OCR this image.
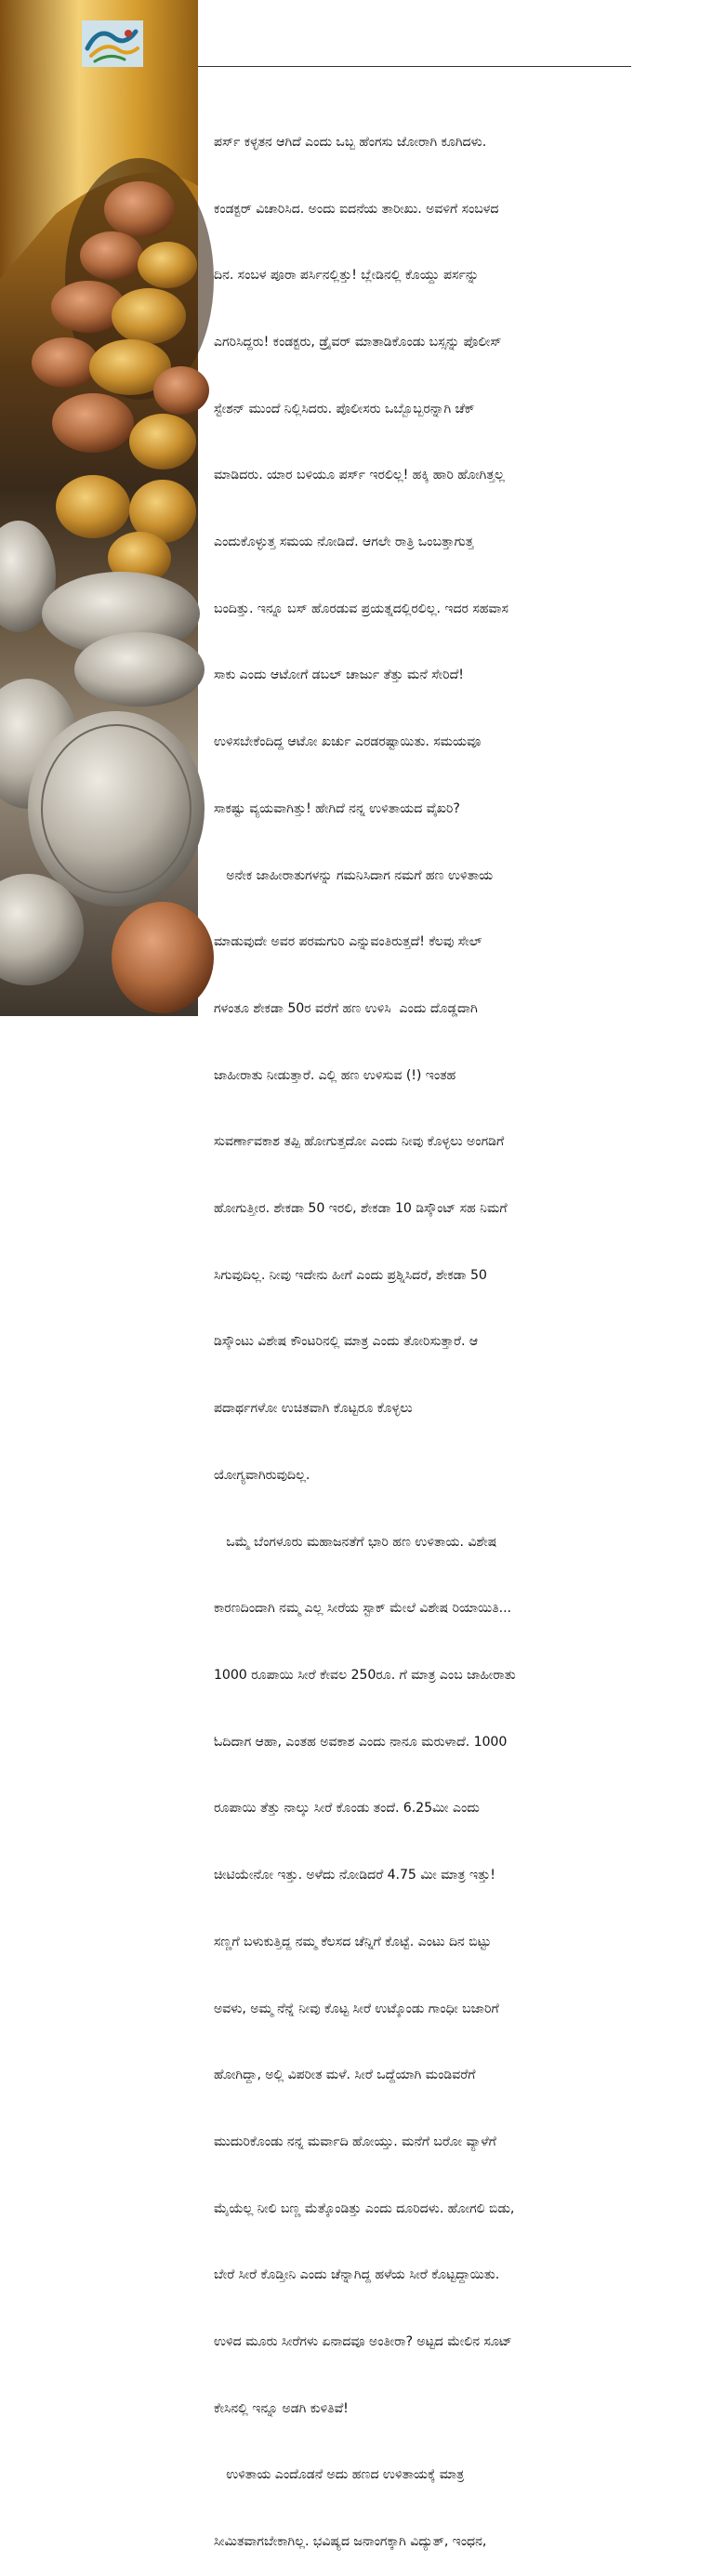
ಪರ್ಸ್ ಕಳ್ಳತನ ಆಗಿದೆ ಎಂದು ಒಬ್ಬ ಹೆಂಗಸು ಜೋರಾಗಿ ಕೂಗಿದಳು.

ಕಂಡಕ್ಟರ್ ವಿಚಾರಿಸಿದ. ಅಂದು ಐದನೆಯ ತಾರೀಖು. ಅವಳಿಗೆ ಸಂಬಳದ

ದಿನ. ಸಂಬಳ ಪೂರಾ ಪರ್ಸಿನಲ್ಲಿತ್ತು! ಬ್ಲೇಡಿನಲ್ಲಿ ಕೊಯ್ದು ಪರ್ಸನ್ನು

ಎಗರಿಸಿದ್ದರು! ಕಂಡಕ್ಟರು, ಡ್ರೈವರ್ ಮಾತಾಡಿಕೊಂಡು ಬಸ್ಸನ್ನು ಪೊಲೀಸ್

ಸ್ಟೇಶನ್ ಮುಂದೆ ನಿಲ್ಲಿಸಿದರು. ಪೊಲೀಸರು ಒಬ್ಬೊಬ್ಬರನ್ನಾಗಿ ಚೆಕ್

ಮಾಡಿದರು. ಯಾರ ಬಳಿಯೂ ಪರ್ಸ್ ಇರಲಿಲ್ಲ! ಹಕ್ಕಿ ಹಾರಿ ಹೋಗಿತ್ತಲ್ಲ

ಎಂದುಕೊಳ್ಳುತ್ತ ಸಮಯ ನೋಡಿದೆ. ಆಗಲೇ ರಾತ್ರಿ ಒಂಬತ್ತಾಗುತ್ತ

ಬಂದಿತ್ತು. ಇನ್ನೂ ಬಸ್ ಹೊರಡುವ ಪ್ರಯತ್ನದಲ್ಲಿರಲಿಲ್ಲ. ಇದರ ಸಹವಾಸ

ಸಾಕು ಎಂದು ಆಟೋಗೆ ಡಬಲ್ ಚಾರ್ಜು ತೆತ್ತು ಮನೆ ಸೇರಿದೆ!

ಉಳಿಸಬೇಕೆಂದಿದ್ದ ಆಟೋ ಖರ್ಚು ಎರಡರಷ್ಟಾಯಿತು. ಸಮಯವೂ

ಸಾಕಷ್ಟು ವ್ಯಯವಾಗಿತ್ತು! ಹೇಗಿದೆ ನನ್ನ ಉಳಿತಾಯದ ವೈಖರಿ?

ಅನೇಕ ಜಾಹೀರಾತುಗಳನ್ನು ಗಮನಿಸಿದಾಗ ನಮಗೆ ಹಣ ಉಳಿತಾಯ

ಮಾಡುವುದೇ ಅವರ ಪರಮಗುರಿ ಎನ್ನುವಂತಿರುತ್ತದೆ! ಕೆಲವು ಸೇಲ್

ಗಳಂತೂ ಶೇಕಡಾ 50ರ ವರೆಗೆ ಹಣ ಉಳಿಸಿ  ಎಂದು ದೊಡ್ಡದಾಗಿ

ಜಾಹೀರಾತು ನೀಡುತ್ತಾರೆ. ಎಲ್ಲಿ ಹಣ ಉಳಿಸುವ (!) ಇಂತಹ

ಸುವರ್ಣಾವಕಾಶ ತಪ್ಪಿ ಹೋಗುತ್ತದೋ ಎಂದು ನೀವು ಕೊಳ್ಳಲು ಅಂಗಡಿಗೆ

ಹೋಗುತ್ತೀರ. ಶೇಕಡಾ 50 ಇರಲಿ, ಶೇಕಡಾ 10 ಡಿಸ್ಕೌಂಟ್ ಸಹ ನಿಮಗೆ

ಸಿಗುವುದಿಲ್ಲ. ನೀವು ಇದೇನು ಹೀಗೆ ಎಂದು ಪ್ರಶ್ನಿಸಿದರೆ, ಶೇಕಡಾ 50

ಡಿಸ್ಕೌಂಟು ವಿಶೇಷ ಕೌಂಟರಿನಲ್ಲಿ ಮಾತ್ರ ಎಂದು ತೋರಿಸುತ್ತಾರೆ. ಆ

ಪದಾರ್ಥಗಳೋ ಉಚಿತವಾಗಿ ಕೊಟ್ಟರೂ ಕೊಳ್ಳಲು

ಯೋಗ್ಯವಾಗಿರುವುದಿಲ್ಲ.

ಒಮ್ಮೆ ಬೆಂಗಳೂರು ಮಹಾಜನತೆಗೆ ಭಾರಿ ಹಣ ಉಳಿತಾಯ. ವಿಶೇಷ

ಕಾರಣದಿಂದಾಗಿ ನಮ್ಮ ಎಲ್ಲ ಸೀರೆಯ ಸ್ಟಾಕ್ ಮೇಲೆ ವಿಶೇಷ ರಿಯಾಯಿತಿ...

1000 ರೂಪಾಯಿ ಸೀರೆ ಕೇವಲ 250ರೂ. ಗೆ ಮಾತ್ರ ಎಂಬ ಜಾಹೀರಾತು

ಓದಿದಾಗ ಆಹಾ, ಎಂತಹ ಅವಕಾಶ ಎಂದು ನಾನೂ ಮರುಳಾದೆ. 1000

ರೂಪಾಯಿ ತೆತ್ತು ನಾಲ್ಕು ಸೀರೆ ಕೊಂಡು ತಂದೆ. 6.25ಮೀ ಎಂದು

ಚೀಟಿಯೇನೋ ಇತ್ತು. ಅಳೆದು ನೋಡಿದರೆ 4.75 ಮೀ ಮಾತ್ರ ಇತ್ತು!

ಸಣ್ಣಗೆ ಬಳುಕುತ್ತಿದ್ದ ನಮ್ಮ ಕೆಲಸದ ಚೆನ್ನಿಗೆ ಕೊಟ್ಟೆ. ಎಂಟು ದಿನ ಬಿಟ್ಟು

ಅವಳು, ಅಮ್ಮ ನೆನ್ನೆ ನೀವು ಕೊಟ್ಟ ಸೀರೆ ಉಟ್ಕೊಂಡು ಗಾಂಧೀ ಬಜಾರಿಗೆ

ಹೋಗಿದ್ದಾ, ಅಲ್ಲಿ ವಿಪರೀತ ಮಳೆ. ಸೀರೆ ಒದ್ದೆಯಾಗಿ ಮಂಡಿವರೆಗೆ

ಮುದುರಿಕೊಂಡು ನನ್ನ ಮರ್ವಾದಿ ಹೋಯ್ತು. ಮನೆಗೆ ಬರೋ ವ್ಯಾಳೆಗೆ

ಮೈಯೆಲ್ಲ ನೀಲಿ ಬಣ್ಣ ಮೆತ್ಕೊಂಡಿತ್ತು ಎಂದು ದೂರಿದಳು. ಹೋಗಲಿ ಬಿಡು,

ಬೇರೆ ಸೀರೆ ಕೊಡ್ತೀನಿ ಎಂದು ಚೆನ್ನಾಗಿದ್ದ ಹಳೆಯ ಸೀರೆ ಕೊಟ್ಟದ್ದಾಯಿತು.

ಉಳಿದ ಮೂರು ಸೀರೆಗಳು ಏನಾದವೂ ಅಂತೀರಾ? ಅಟ್ಟದ ಮೇಲಿನ ಸೂಟ್

ಕೇಸಿನಲ್ಲಿ ಇನ್ನೂ ಅಡಗಿ ಕುಳಿತಿವೆ!

ಉಳಿತಾಯ ಎಂದೊಡನೆ ಅದು ಹಣದ ಉಳಿತಾಯಕ್ಕೆ ಮಾತ್ರ

ಸೀಮಿತವಾಗಬೇಕಾಗಿಲ್ಲ. ಭವಿಷ್ಯದ ಜನಾಂಗಕ್ಕಾಗಿ ವಿದ್ಯುತ್, ಇಂಧನ,
